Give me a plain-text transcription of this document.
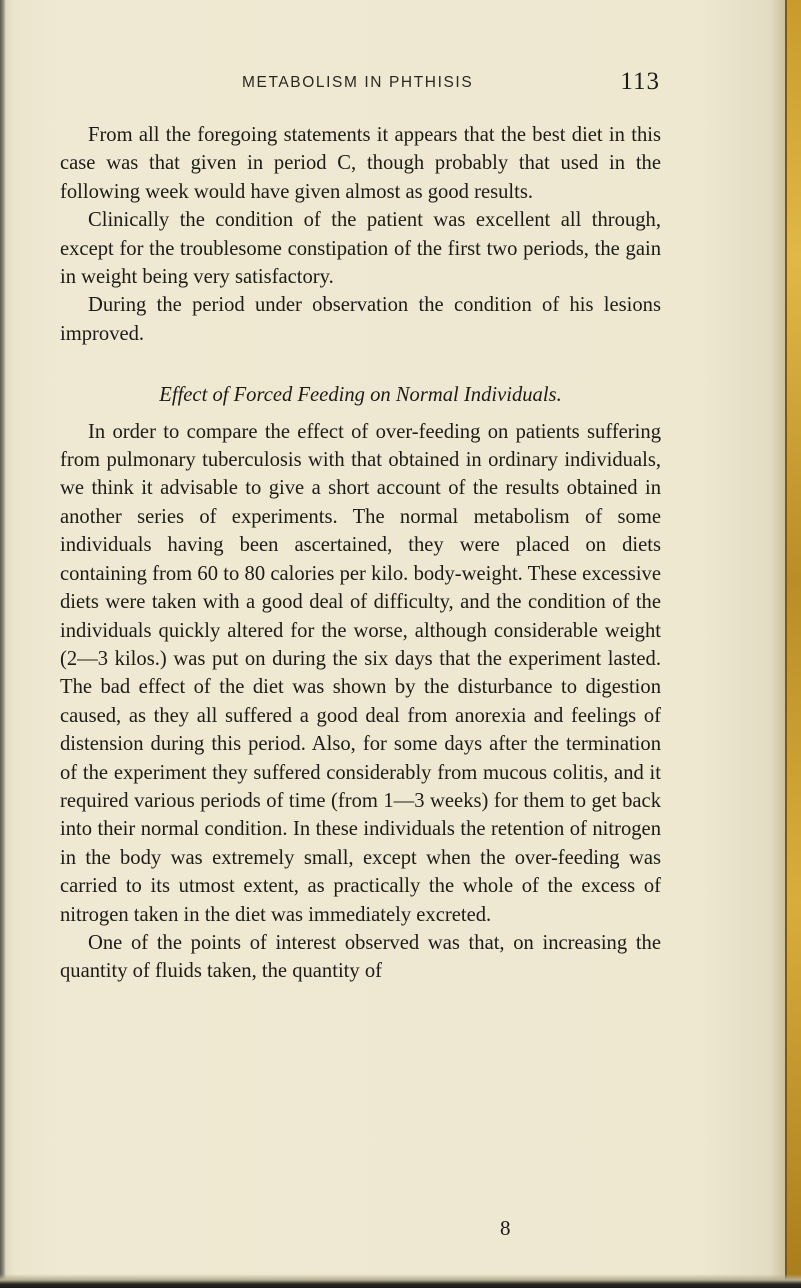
METABOLISM IN PHTHISIS	113

From all the foregoing statements it appears that the best diet in this case was that given in period C, though probably that used in the following week would have given almost as good results.

Clinically the condition of the patient was excellent all through, except for the troublesome constipation of the first two periods, the gain in weight being very satisfactory.

During the period under observation the condition of his lesions improved.

Effect of Forced Feeding on Normal Individuals.

In order to compare the effect of over-feeding on patients suffering from pulmonary tuberculosis with that obtained in ordinary individuals, we think it advisable to give a short account of the results obtained in another series of experiments. The normal metabolism of some individuals having been ascertained, they were placed on diets containing from 60 to 80 calories per kilo. body-weight. These excessive diets were taken with a good deal of difficulty, and the condition of the individuals quickly altered for the worse, although considerable weight (2—3 kilos.) was put on during the six days that the experiment lasted. The bad effect of the diet was shown by the disturbance to digestion caused, as they all suffered a good deal from anorexia and feelings of distension during this period. Also, for some days after the termination of the experiment they suffered considerably from mucous colitis, and it required various periods of time (from 1—3 weeks) for them to get back into their normal condition. In these individuals the retention of nitrogen in the body was extremely small, except when the over-feeding was carried to its utmost extent, as practically the whole of the excess of nitrogen taken in the diet was immediately excreted.

One of the points of interest observed was that, on increasing the quantity of fluids taken, the quantity of

8
